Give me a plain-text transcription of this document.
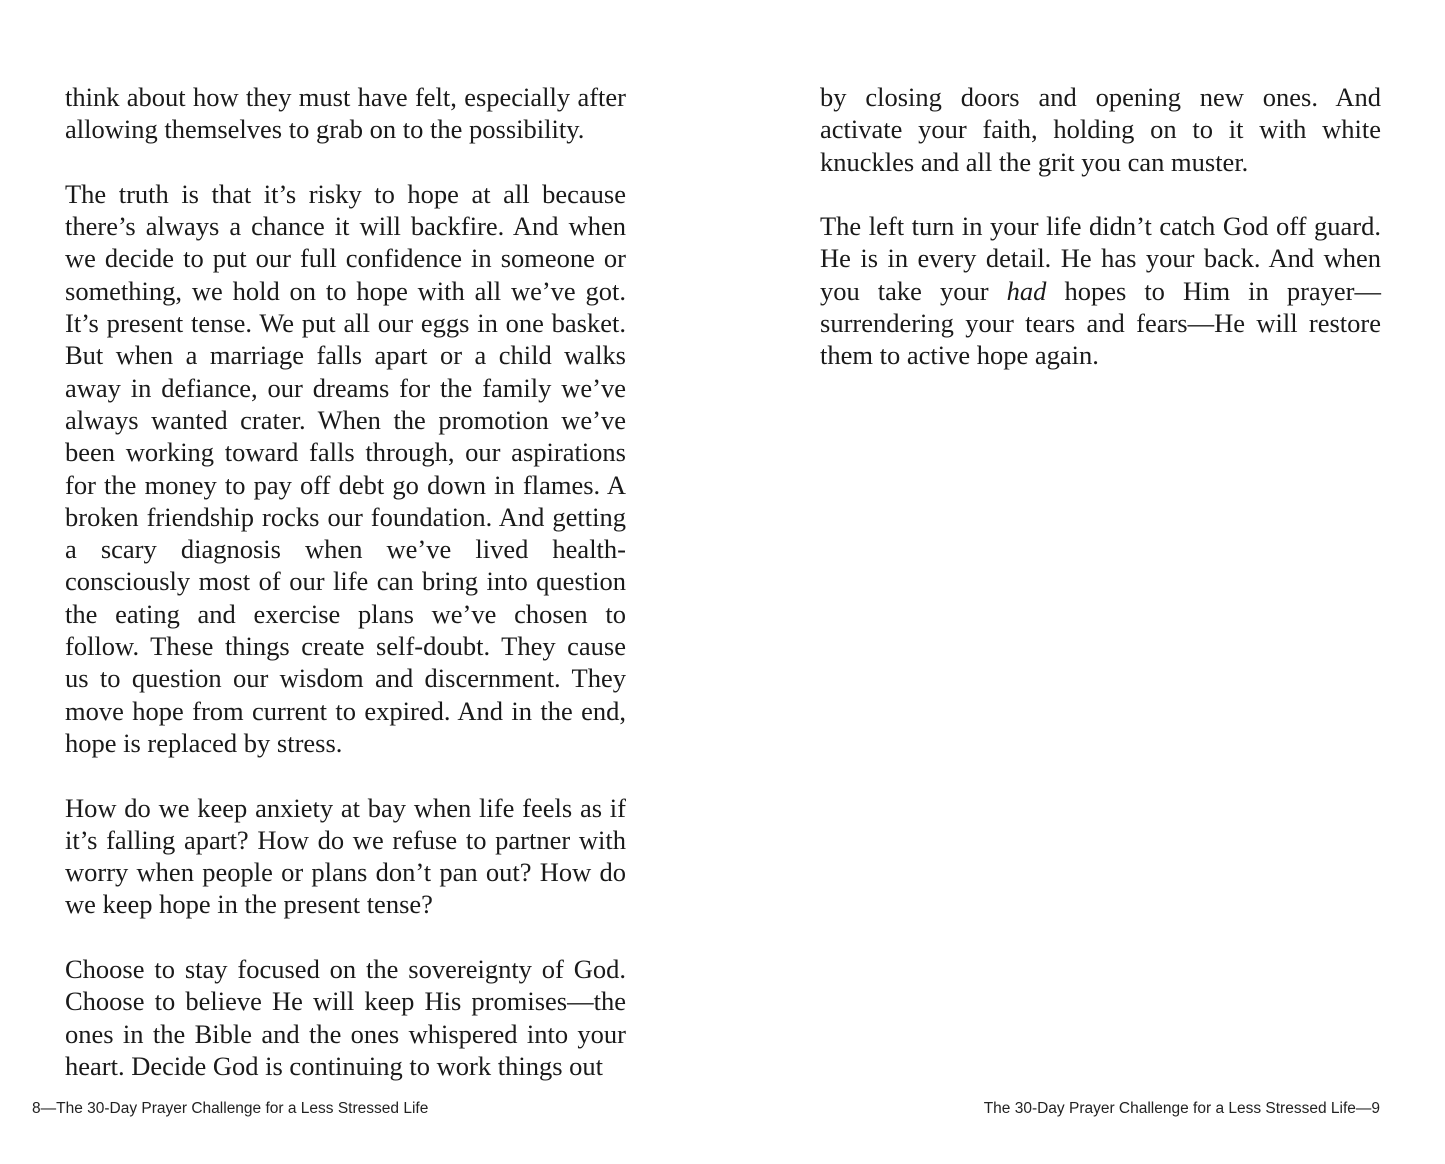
think about how they must have felt, especially after allowing themselves to grab on to the possibility.

The truth is that it’s risky to hope at all because there’s always a chance it will backfire. And when we decide to put our full confidence in someone or something, we hold on to hope with all we’ve got. It’s present tense. We put all our eggs in one basket. But when a marriage falls apart or a child walks away in defiance, our dreams for the family we’ve always wanted crater. When the promotion we’ve been working toward falls through, our aspirations for the money to pay off debt go down in flames. A broken friendship rocks our foundation. And getting a scary diagnosis when we’ve lived health-consciously most of our life can bring into question the eating and exercise plans we’ve chosen to follow. These things create self-doubt. They cause us to question our wisdom and discernment. They move hope from current to expired. And in the end, hope is replaced by stress.

How do we keep anxiety at bay when life feels as if it’s falling apart? How do we refuse to partner with worry when people or plans don’t pan out? How do we keep hope in the present tense?

Choose to stay focused on the sovereignty of God. Choose to believe He will keep His promises—the ones in the Bible and the ones whispered into your heart. Decide God is continuing to work things out

8—The 30-Day Prayer Challenge for a Less Stressed Life

by closing doors and opening new ones. And activate your faith, holding on to it with white knuckles and all the grit you can muster.

The left turn in your life didn’t catch God off guard. He is in every detail. He has your back. And when you take your had hopes to Him in prayer—surrendering your tears and fears—He will restore them to active hope again.

The 30-Day Prayer Challenge for a Less Stressed Life—9
